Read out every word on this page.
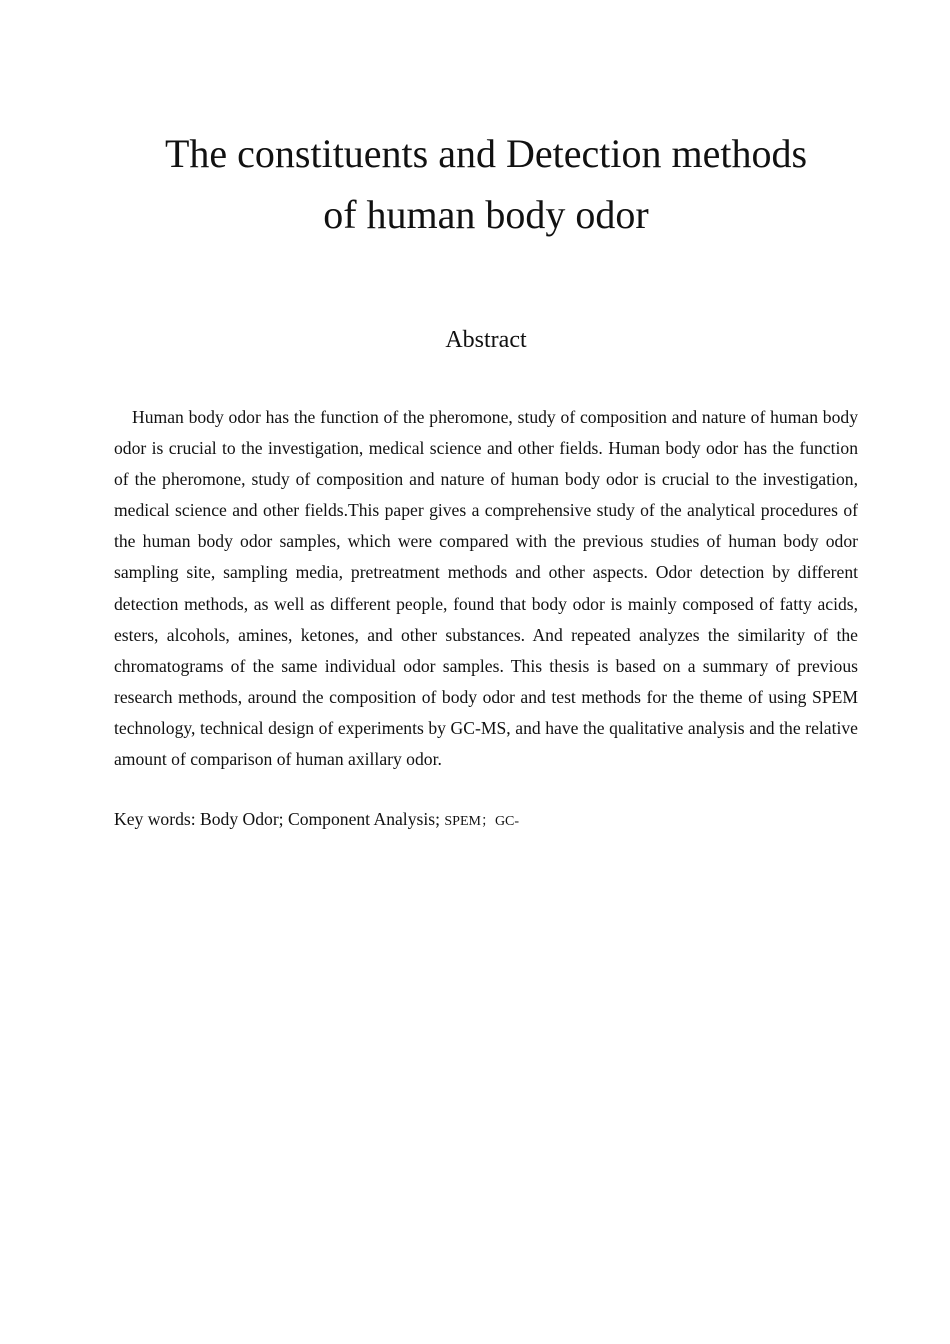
The constituents and Detection methods
of human body odor
Abstract

Human body odor has the function of the pheromone, study of composition and nature of human body odor is crucial to the investigation, medical science and other fields. Human body odor has the function of the pheromone, study of composition and nature of human body odor is crucial to the investigation, medical science and other fields.This paper gives a comprehensive study of the analytical procedures of the human body odor samples, which were compared with the previous studies of human body odor sampling site, sampling media, pretreatment methods and other aspects. Odor detection by different detection methods, as well as different people, found that body odor is mainly composed of fatty acids, esters, alcohols, amines, ketones, and other substances. And repeated analyzes the similarity of the chromatograms of the same individual odor samples. This thesis is based on a summary of previous research methods, around the composition of body odor and test methods for the theme of using SPEM technology, technical design of experiments by GC-MS, and have the qualitative analysis and the relative amount of comparison of human axillary odor.

Key words: Body Odor; Component Analysis; SPEM；GC-
